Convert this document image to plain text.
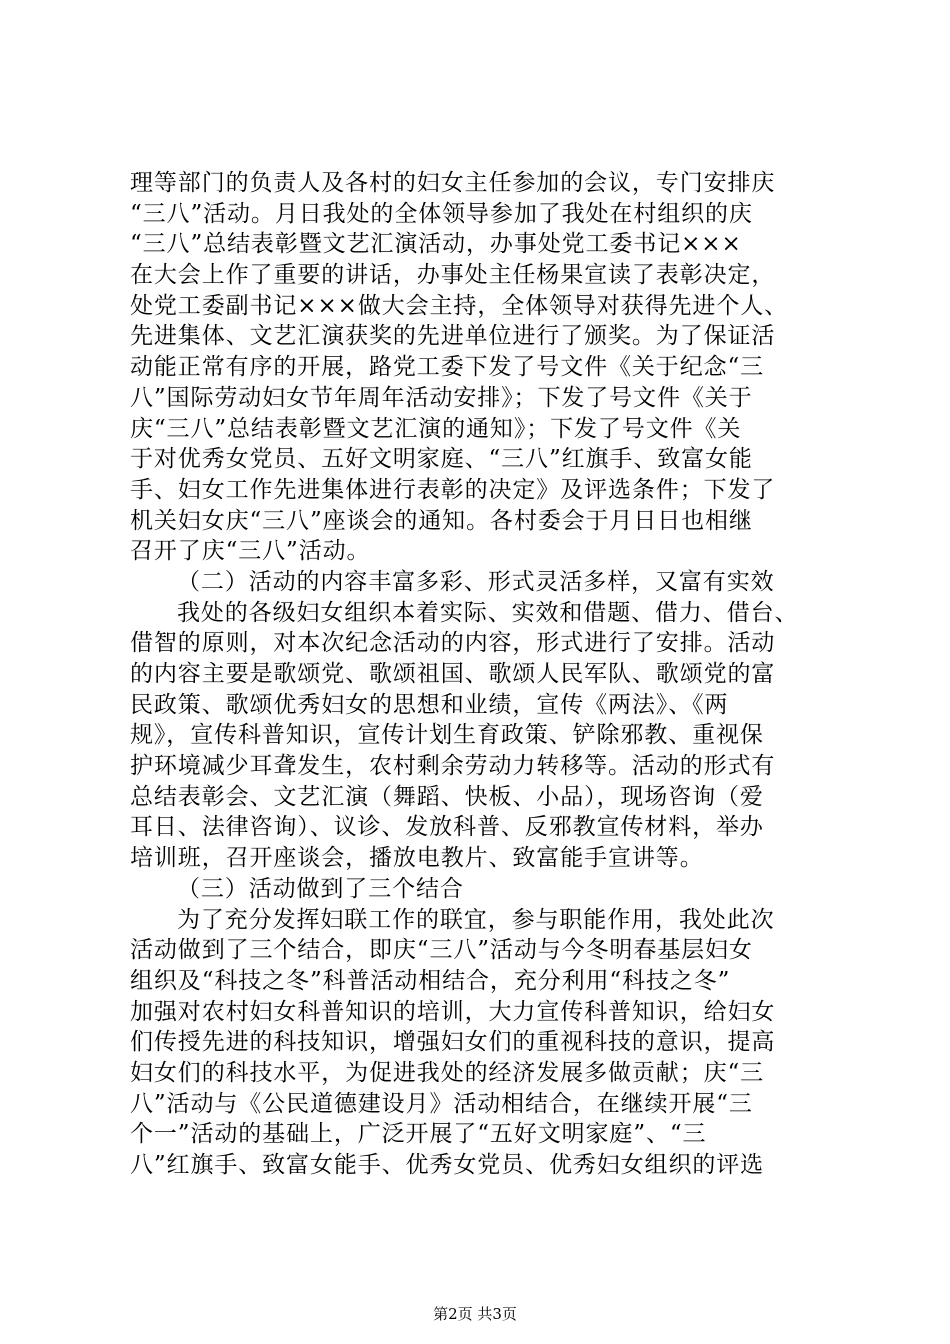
理等部门的负责人及各村的妇女主任参加的会议，专门安排庆
“三八”活动。月日我处的全体领导参加了我处在村组织的庆
“三八”总结表彰暨文艺汇演活动，办事处党工委书记×××
在大会上作了重要的讲话，办事处主任杨果宣读了表彰决定，
处党工委副书记×××做大会主持，全体领导对获得先进个人、
先进集体、文艺汇演获奖的先进单位进行了颁奖。为了保证活
动能正常有序的开展，路党工委下发了号文件《关于纪念“三
八”国际劳动妇女节年周年活动安排》；下发了号文件《关于
庆“三八”总结表彰暨文艺汇演的通知》；下发了号文件《关
于对优秀女党员、五好文明家庭、“三八”红旗手、致富女能
手、妇女工作先进集体进行表彰的决定》及评选条件；下发了
机关妇女庆“三八”座谈会的通知。各村委会于月日日也相继
召开了庆“三八”活动。
（二）活动的内容丰富多彩、形式灵活多样，又富有实效
我处的各级妇女组织本着实际、实效和借题、借力、借台、
借智的原则，对本次纪念活动的内容，形式进行了安排。活动
的内容主要是歌颂党、歌颂祖国、歌颂人民军队、歌颂党的富
民政策、歌颂优秀妇女的思想和业绩，宣传《两法》、《两
规》，宣传科普知识，宣传计划生育政策、铲除邪教、重视保
护环境减少耳聋发生，农村剩余劳动力转移等。活动的形式有
总结表彰会、文艺汇演（舞蹈、快板、小品），现场咨询（爱
耳日、法律咨询）、议诊、发放科普、反邪教宣传材料，举办
培训班，召开座谈会，播放电教片、致富能手宣讲等。
（三）活动做到了三个结合
为了充分发挥妇联工作的联宜，参与职能作用，我处此次
活动做到了三个结合，即庆“三八”活动与今冬明春基层妇女
组织及“科技之冬”科普活动相结合，充分利用“科技之冬”
加强对农村妇女科普知识的培训，大力宣传科普知识，给妇女
们传授先进的科技知识，增强妇女们的重视科技的意识，提高
妇女们的科技水平，为促进我处的经济发展多做贡献；庆“三
八”活动与《公民道德建设月》活动相结合，在继续开展“三
个一”活动的基础上，广泛开展了“五好文明家庭”、“三
八”红旗手、致富女能手、优秀女党员、优秀妇女组织的评选
第2页 共3页
